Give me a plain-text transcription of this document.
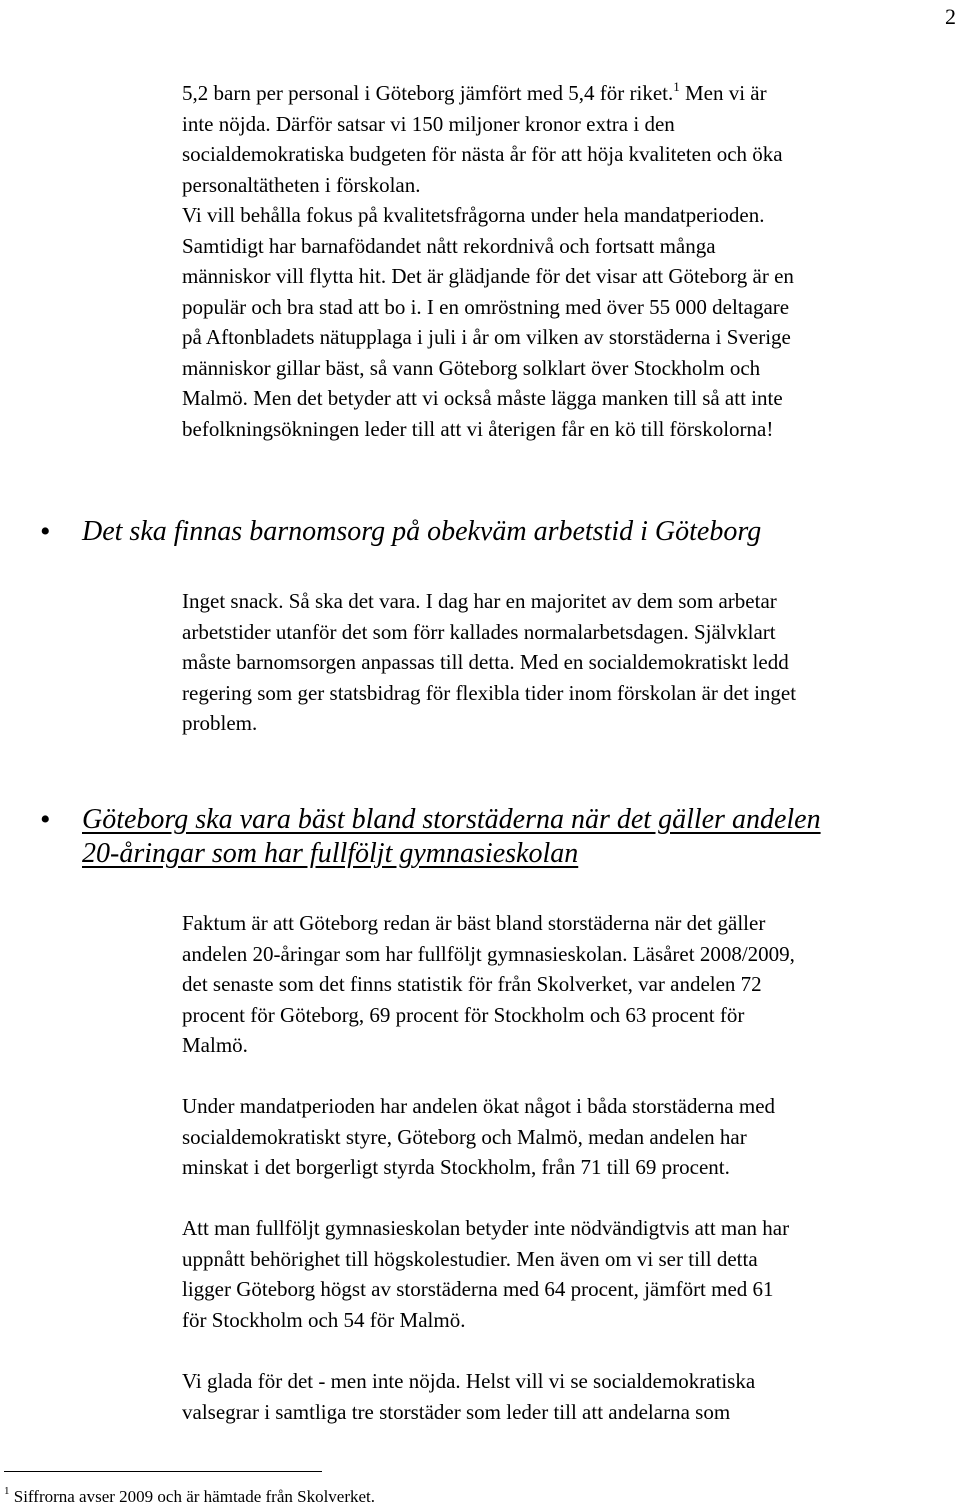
2

5,2 barn per personal i Göteborg jämfört med 5,4 för riket.$^1$ Men vi är
inte nöjda. Därför satsar vi 150 miljoner kronor extra i den
socialdemokratiska budgeten för nästa år för att höja kvaliteten och öka
personaltätheten i förskolan.
Vi vill behålla fokus på kvalitetsfrågorna under hela mandatperioden.
Samtidigt har barnafödandet nått rekordnivå och fortsatt många
människor vill flytta hit. Det är glädjande för det visar att Göteborg är en
populär och bra stad att bo i. I en omröstning med över 55 000 deltagare
på Aftonbladets nätupplaga i juli i år om vilken av storstäderna i Sverige
människor gillar bäst, så vann Göteborg solklart över Stockholm och
Malmö. Men det betyder att vi också måste lägga manken till så att inte
befolkningsökningen leder till att vi återigen får en kö till förskolorna!

• Det ska finnas barnomsorg på obekväm arbetstid i Göteborg

Inget snack. Så ska det vara. I dag har en majoritet av dem som arbetar
arbetstider utanför det som förr kallades normalarbetsdagen. Självklart
måste barnomsorgen anpassas till detta. Med en socialdemokratiskt ledd
regering som ger statsbidrag för flexibla tider inom förskolan är det inget
problem.

• Göteborg ska vara bäst bland storstäderna när det gäller andelen
20-åringar som har fullföljt gymnasieskolan

Faktum är att Göteborg redan är bäst bland storstäderna när det gäller
andelen 20-åringar som har fullföljt gymnasieskolan. Läsåret 2008/2009,
det senaste som det finns statistik för från Skolverket, var andelen 72
procent för Göteborg, 69 procent för Stockholm och 63 procent för
Malmö.

Under mandatperioden har andelen ökat något i båda storstäderna med
socialdemokratiskt styre, Göteborg och Malmö, medan andelen har
minskat i det borgerligt styrda Stockholm, från 71 till 69 procent.

Att man fullföljt gymnasieskolan betyder inte nödvändigtvis att man har
uppnått behörighet till högskolestudier. Men även om vi ser till detta
ligger Göteborg högst av storstäderna med 64 procent, jämfört med 61
för Stockholm och 54 för Malmö.

Vi glada för det - men inte nöjda. Helst vill vi se socialdemokratiska
valsegrar i samtliga tre storstäder som leder till att andelarna som

$^1$ Siffrorna avser 2009 och är hämtade från Skolverket.
